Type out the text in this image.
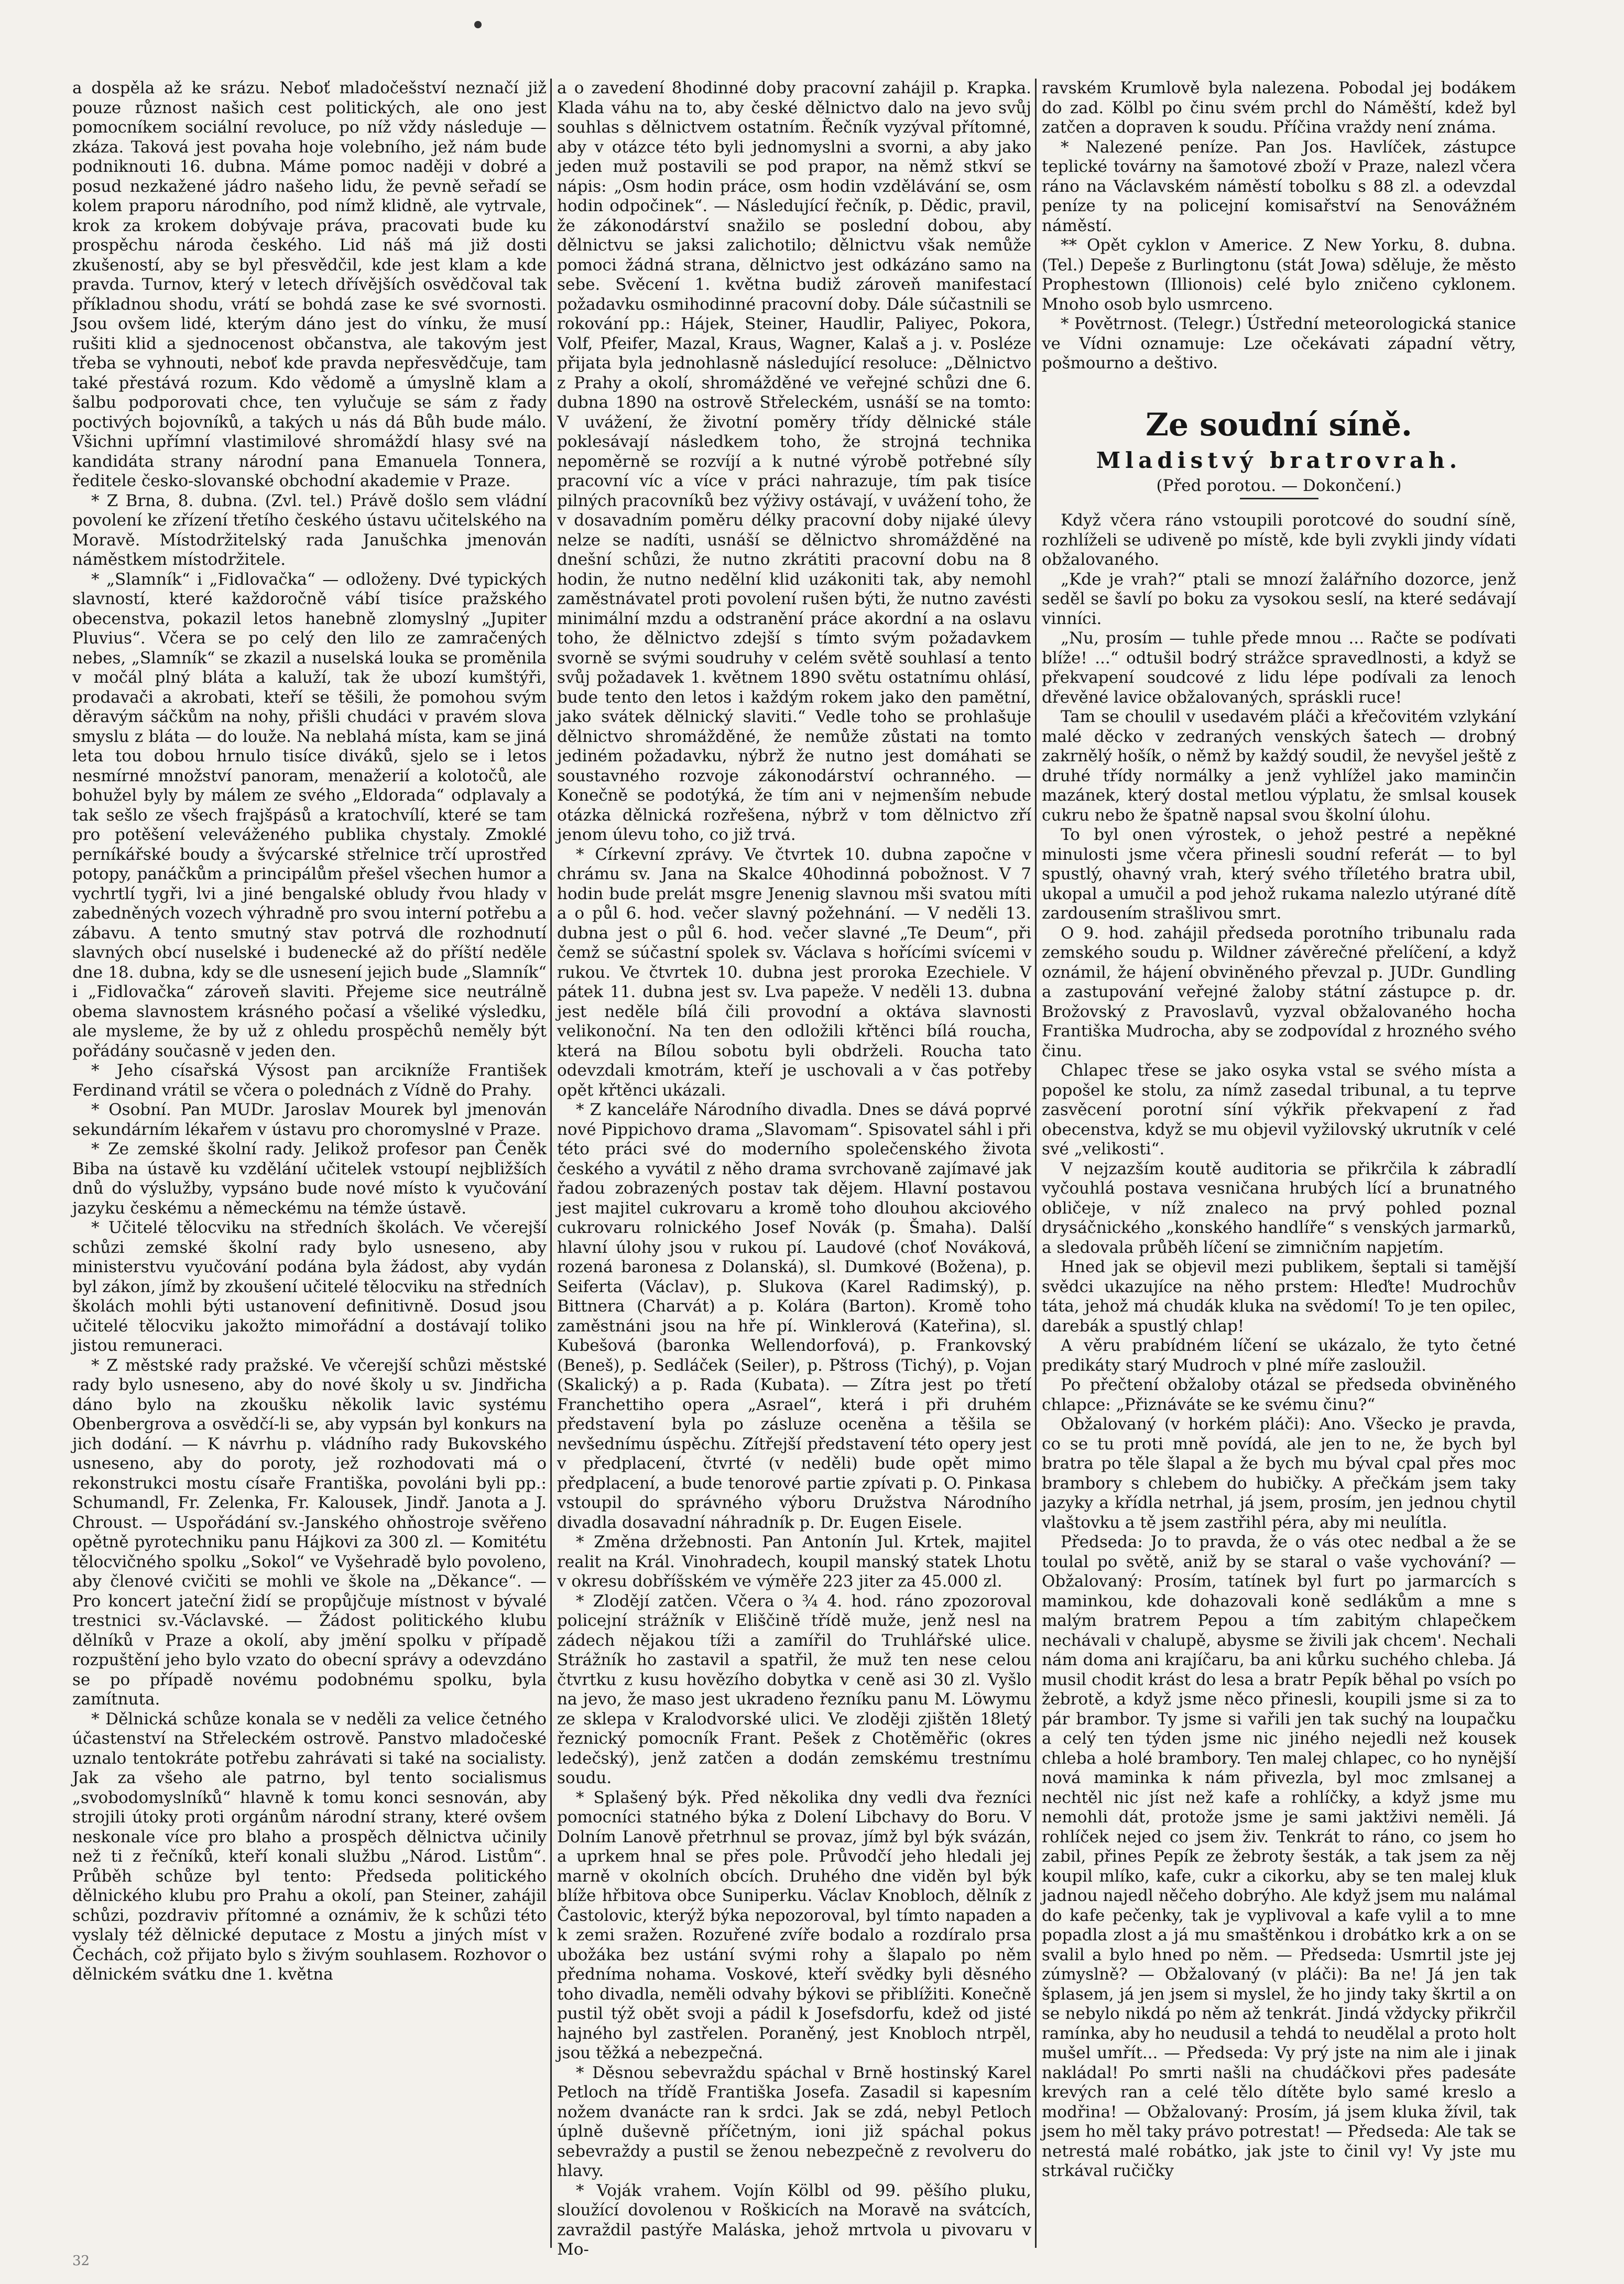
a dospěla až ke srázu. Neboť mladočešství neznačí již pouze různost našich cest politických, ale ono jest pomocníkem sociální revoluce, po níž vždy následuje — zkáza. Taková jest povaha hoje volebního, jež nám bude podniknouti 16. dubna. Máme pomoc naději v dobré a posud nezkažené jádro našeho lidu, že pevně seřadí se kolem praporu národního, pod nímž klidně, ale vytrvale, krok za krokem dobývaje práva, pracovati bude ku prospěchu národa českého. Lid náš má již dosti zkušeností, aby se byl přesvědčil, kde jest klam a kde pravda. Turnov, který v letech dřívějších osvědčoval tak příkladnou shodu, vrátí se bohdá zase ke své svornosti. Jsou ovšem lidé, kterým dáno jest do vínku, že musí rušiti klid a sjednocenost občanstva, ale takovým jest třeba se vyhnouti, neboť kde pravda nepřesvědčuje, tam také přestává rozum. Kdo vědomě a úmyslně klam a šalbu podporovati chce, ten vylučuje se sám z řady poctivých bojovníků, a takých u nás dá Bůh bude málo. Všichni upřímní vlastimilové shromáždí hlasy své na kandidáta strany národní pana Emanuela Tonnera, ředitele česko-slovanské obchodní akademie v Praze.

* Z Brna, 8. dubna. (Zvl. tel.) Právě došlo sem vládní povolení ke zřízení třetího českého ústavu učitelského na Moravě. Místodržitelský rada Janušchka jmenován náměstkem místodržitele.

* „Slamník“ i „Fidlovačka“ — odloženy. Dvé typických slavností, které každoročně vábí tisíce pražského obecenstva, pokazil letos hanebně zlomyslný „Jupiter Pluvius“. Včera se po celý den lilo ze zamračených nebes, „Slamník“ se zkazil a nuselská louka se proměnila v močál plný bláta a kaluží, tak že ubozí kumštýři, prodavači a akrobati, kteří se těšili, že pomohou svým děravým sáčkům na nohy, přišli chudáci v pravém slova smyslu z bláta — do louže. Na neblahá místa, kam se jiná leta tou dobou hrnulo tisíce diváků, sjelo se i letos nesmírné množství panoram, menažerií a kolotočů, ale bohužel byly by málem ze svého „Eldorada“ odplavaly a tak sešlo ze všech frajšpásů a kratochvílí, které se tam pro potěšení veleváženého publika chystaly. Zmoklé perníkářské boudy a švýcarské střelnice trčí uprostřed potopy, panáčkům a principálům přešel všechen humor a vychrtlí tygři, lvi a jiné bengalské obludy řvou hlady v zabedněných vozech výhradně pro svou interní potřebu a zábavu. A tento smutný stav potrvá dle rozhodnutí slavných obcí nuselské i budenecké až do příští neděle dne 18. dubna, kdy se dle usnesení jejich bude „Slamník“ i „Fidlovačka“ zároveň slaviti. Přejeme sice neutrálně obema slavnostem krásného počasí a všeliké výsledku, ale mysleme, že by už z ohledu prospěchů neměly být pořádány současně v jeden den.

* Jeho císařská Výsost pan arcikníže František Ferdinand vrátil se včera o polednách z Vídně do Prahy.

* Osobní. Pan MUDr. Jaroslav Mourek byl jmenován sekundárním lékařem v ústavu pro choromyslné v Praze.

* Ze zemské školní rady. Jelikož profesor pan Čeněk Biba na ústavě ku vzdělání učitelek vstoupí nejbližších dnů do výslužby, vypsáno bude nové místo k vyučování jazyku českému a německému na témže ústavě.

* Učitelé tělocviku na středních školách. Ve včerejší schůzi zemské školní rady bylo usneseno, aby ministerstvu vyučování podána byla žádost, aby vydán byl zákon, jímž by zkoušení učitelé tělocviku na středních školách mohli býti ustanovení definitivně. Dosud jsou učitelé tělocviku jakožto mimořádní a dostávají toliko jistou remuneraci.

* Z městské rady pražské. Ve včerejší schůzi městské rady bylo usneseno, aby do nové školy u sv. Jindřicha dáno bylo na zkoušku několik lavic systému Obenbergrova a osvědčí-li se, aby vypsán byl konkurs na jich dodání. — K návrhu p. vládního rady Bukovského usneseno, aby do poroty, jež rozhodovati má o rekonstrukci mostu císaře Františka, povoláni byli pp.: Schumandl, Fr. Zelenka, Fr. Kalousek, Jindř. Janota a J. Chroust. — Uspořádání sv.-Janského ohňostroje svěřeno opětně pyrotechniku panu Hájkovi za 300 zl. — Komitétu tělocvičného spolku „Sokol“ ve Vyšehradě bylo povoleno, aby členové cvičiti se mohli ve škole na „Děkance“. — Pro koncert jateční židí se propůjčuje místnost v bývalé trestnici sv.-Václavské. — Žádost politického klubu dělníků v Praze a okolí, aby jmění spolku v případě rozpuštění jeho bylo vzato do obecní správy a odevzdáno se po případě novému podobnému spolku, byla zamítnuta.

* Dělnická schůze konala se v neděli za velice četného účastenství na Střeleckém ostrově. Panstvo mladočeské uznalo tentokráte potřebu zahrávati si také na socialisty. Jak za všeho ale patrno, byl tento socialismus „svobodomyslníků“ hlavně k tomu konci sesnován, aby strojili útoky proti orgánům národní strany, které ovšem neskonale více pro blaho a prospěch dělnictva učinily než ti z řečníků, kteří konali službu „Národ. Listům“. Průběh schůze byl tento: Předseda politického dělnického klubu pro Prahu a okolí, pan Steiner, zahájil schůzi, pozdraviv přítomné a oznámiv, že k schůzi této vyslaly též dělnické deputace z Mostu a jiných míst v Čechách, což přijato bylo s živým souhlasem. Rozhovor o dělnickém svátku dne 1. května

a o zavedení 8hodinné doby pracovní zahájil p. Krapka. Klada váhu na to, aby české dělnictvo dalo na jevo svůj souhlas s dělnictvem ostatním. Řečník vyzýval přítomné, aby v otázce této byli jednomyslni a svorni, a aby jako jeden muž postavili se pod prapor, na němž stkví se nápis: „Osm hodin práce, osm hodin vzdělávání se, osm hodin odpočinek“. — Následující řečník, p. Dědic, pravil, že zákonodárství snažilo se poslední dobou, aby dělnictvu se jaksi zalichotilo; dělnictvu však nemůže pomoci žádná strana, dělnictvo jest odkázáno samo na sebe. Svěcení 1. května budiž zároveň manifestací požadavku osmihodinné pracovní doby. Dále súčastnili se rokování pp.: Hájek, Steiner, Haudlir, Paliyec, Pokora, Volf, Pfeifer, Mazal, Kraus, Wagner, Kalaš a j. v. Posléze přijata byla jednohlasně následující resoluce: „Dělnictvo z Prahy a okolí, shromážděné ve veřejné schůzi dne 6. dubna 1890 na ostrově Střeleckém, usnáší se na tomto: V uvážení, že životní poměry třídy dělnické stále poklesávají následkem toho, že strojná technika nepoměrně se rozvíjí a k nutné výrobě potřebné síly pracovní víc a více v práci nahrazuje, tím pak tisíce pilných pracovníků bez výživy ostávají, v uvážení toho, že v dosavadním poměru délky pracovní doby nijaké úlevy nelze se nadíti, usnáší se dělnictvo shromážděné na dnešní schůzi, že nutno zkrátiti pracovní dobu na 8 hodin, že nutno nedělní klid uzákoniti tak, aby nemohl zaměstnávatel proti povolení rušen býti, že nutno zavésti minimální mzdu a odstranění práce akordní a na oslavu toho, že dělnictvo zdejší s tímto svým požadavkem svorně se svými soudruhy v celém světě souhlasí a tento svůj požadavek 1. květnem 1890 světu ostatnímu ohlásí, bude tento den letos i každým rokem jako den pamětní, jako svátek dělnický slaviti.“ Vedle toho se prohlašuje dělnictvo shromážděné, že nemůže zůstati na tomto jediném požadavku, nýbrž že nutno jest domáhati se soustavného rozvoje zákonodárství ochranného. — Konečně se podotýká, že tím ani v nejmenším nebude otázka dělnická rozřešena, nýbrž v tom dělnictvo zří jenom úlevu toho, co již trvá.

* Církevní zprávy. Ve čtvrtek 10. dubna započne v chrámu sv. Jana na Skalce 40hodinná pobožnost. V 7 hodin bude prelát msgre Jenenig slavnou mši svatou míti a o půl 6. hod. večer slavný požehnání. — V neděli 13. dubna jest o půl 6. hod. večer slavné „Te Deum“, při čemž se súčastní spolek sv. Václava s hořícími svícemi v rukou. Ve čtvrtek 10. dubna jest proroka Ezechiele. V pátek 11. dubna jest sv. Lva papeže. V neděli 13. dubna jest neděle bílá čili provodní a oktáva slavnosti velikonoční. Na ten den odložili křtěnci bílá roucha, která na Bílou sobotu byli obdrželi. Roucha tato odevzdali kmotrám, kteří je uschovali a v čas potřeby opět křtěnci ukázali.

* Z kanceláře Národního divadla. Dnes se dává poprvé nové Pippichovo drama „Slavomam“. Spisovatel sáhl i při této práci své do moderního společenského života českého a vyvátil z něho drama svrchovaně zajímavé jak řadou zobrazených postav tak dějem. Hlavní postavou jest majitel cukrovaru a kromě toho dlouhou akciového cukrovaru rolnického Josef Novák (p. Šmaha). Další hlavní úlohy jsou v rukou pí. Laudové (choť Nováková, rozená baronesa z Dolanská), sl. Dumkové (Božena), p. Seiferta (Václav), p. Slukova (Karel Radimský), p. Bittnera (Charvát) a p. Kolára (Barton). Kromě toho zaměstnáni jsou na hře pí. Winklerová (Kateřina), sl. Kubešová (baronka Wellendorfová), p. Frankovský (Beneš), p. Sedláček (Seiler), p. Pštross (Tichý), p. Vojan (Skalický) a p. Rada (Kubata). — Zítra jest po třetí Franchettiho opera „Asrael“, která i při druhém představení byla po zásluze oceněna a těšila se nevšednímu úspěchu. Zítřejší představení této opery jest v předplacení, čtvrté (v neděli) bude opět mimo předplacení, a bude tenorové partie zpívati p. O. Pinkasa vstoupil do správného výboru Družstva Národního divadla dosavadní náhradník p. Dr. Eugen Eisele.

* Změna držebnosti. Pan Antonín Jul. Krtek, majitel realit na Král. Vinohradech, koupil manský statek Lhotu v okresu dobříšském ve výměře 223 jiter za 45.000 zl.

* Zlodějí zatčen. Včera o ¾ 4. hod. ráno zpozoroval policejní strážník v Eliščině třídě muže, jenž nesl na zádech nějakou tíži a zamířil do Truhlářské ulice. Strážník ho zastavil a spatřil, že muž ten nese celou čtvrtku z kusu hovězího dobytka v ceně asi 30 zl. Vyšlo na jevo, že maso jest ukradeno řezníku panu M. Löwymu ze sklepa v Kralodvorské ulici. Ve zloději zjištěn 18letý řeznický pomocník Frant. Pešek z Chotěměřic (okres ledečský), jenž zatčen a dodán zemskému trestnímu soudu.

* Splašený býk. Před několika dny vedli dva řezníci pomocníci statného býka z Dolení Libchavy do Boru. V Dolním Lanově přetrhnul se provaz, jímž byl býk svázán, a uprkem hnal se přes pole. Průvodčí jeho hledali jej marně v okolních obcích. Druhého dne viděn byl býk blíže hřbitova obce Suniperku. Václav Knobloch, dělník z Častolovic, kterýž býka nepozoroval, byl tímto napaden a k zemi sražen. Rozuřené zvíře bodalo a rozdíralo prsa ubožáka bez ustání svými rohy a šlapalo po něm předníma nohama. Voskové, kteří svědky byli děsného toho divadla, neměli odvahy býkovi se přiblížiti. Konečně pustil týž obět svoji a pádil k Josefsdorfu, kdež od jisté hajného byl zastřelen. Poraněný, jest Knobloch ntrpěl, jsou těžká a nebezpečná.

* Děsnou sebevraždu spáchal v Brně hostinský Karel Petloch na třídě Františka Josefa. Zasadil si kapesním nožem dvanácte ran k srdci. Jak se zdá, nebyl Petloch úplně duševně příčetným, ioni již spáchal pokus sebevraždy a pustil se ženou nebezpečně z revolveru do hlavy.

* Voják vrahem. Vojín Kölbl od 99. pěšího pluku, sloužící dovolenou v Roškicích na Moravě na svátcích, zavraždil pastýře Maláska, jehož mrtvola u pivovaru v Mo-

ravském Krumlově byla nalezena. Pobodal jej bodákem do zad. Kölbl po činu svém prchl do Náměští, kdež byl zatčen a dopraven k soudu. Příčina vraždy není známa.

* Nalezené peníze. Pan Jos. Havlíček, zástupce teplické továrny na šamotové zboží v Praze, nalezl včera ráno na Václavském náměstí tobolku s 88 zl. a odevzdal peníze ty na policejní komisařství na Senovážném náměstí.

** Opět cyklon v Americe. Z New Yorku, 8. dubna. (Tel.) Depeše z Burlingtonu (stát Jowa) sděluje, že město Prophestown (Illionois) celé bylo zničeno cyklonem. Mnoho osob bylo usmrceno.

* Povětrnost. (Telegr.) Ústřední meteorologická stanice ve Vídni oznamuje: Lze očekávati západní větry, pošmourno a deštivo.

Ze soudní síně.
Mladistvý bratrovrah.

(Před porotou. — Dokončení.)

Když včera ráno vstoupili porotcové do soudní síně, rozhlíželi se udiveně po místě, kde byli zvykli jindy vídati obžalovaného.

„Kde je vrah?“ ptali se mnozí žalářního dozorce, jenž seděl se šavlí po boku za vysokou seslí, na které sedávají vinníci.

„Nu, prosím — tuhle přede mnou ... Račte se podívati blíže! ...“ odtušil bodrý strážce spravedlnosti, a když se překvapení soudcové z lidu lépe podívali za lenoch dřevěné lavice obžalovaných, spráskli ruce!

Tam se choulil v usedavém pláči a křečovitém vzlykání malé děcko v zedraných venských šatech — drobný zakrnělý hošík, o němž by každý soudil, že nevyšel ještě z druhé třídy normálky a jenž vyhlížel jako maminčin mazánek, který dostal metlou výplatu, že smlsal kousek cukru nebo že špatně napsal svou školní úlohu.

To byl onen výrostek, o jehož pestré a nepěkné minulosti jsme včera přinesli soudní referát — to byl spustlý, ohavný vrah, který svého tříletého bratra ubil, ukopal a umučil a pod jehož rukama nalezlo utýrané dítě zardousením strašlivou smrt.

O 9. hod. zahájil předseda porotního tribunalu rada zemského soudu p. Wildner závěrečné přelíčení, a když oznámil, že hájení obviněného převzal p. JUDr. Gundling a zastupování veřejné žaloby státní zástupce p. dr. Brožovský z Pravoslavů, vyzval obžalovaného hocha Františka Mudrocha, aby se zodpovídal z hrozného svého činu.

Chlapec třese se jako osyka vstal se svého místa a popošel ke stolu, za nímž zasedal tribunal, a tu teprve zasvěcení porotní síní výkřik překvapení z řad obecenstva, když se mu objevil vyžilovský ukrutník v celé své „velikosti“.

V nejzazším koutě auditoria se přikrčila k zábradlí vyčouhlá postava vesničana hrubých lící a brunatného obličeje, v níž znaleco na prvý pohled poznal drysáčnického „konského handlíře“ s venských jarmarků, a sledovala průběh líčení se zimničním napjetím.

Hned jak se objevil mezi publikem, šeptali si tamější svědci ukazujíce na něho prstem: Hleďte! Mudrochův táta, jehož má chudák kluka na svědomí! To je ten opilec, darebák a spustlý chlap!

A věru prabídném líčení se ukázalo, že tyto četné predikáty starý Mudroch v plné míře zasloužil.

Po přečtení obžaloby otázal se předseda obviněného chlapce: „Přiznáváte se ke svému činu?“

Obžalovaný (v horkém pláči): Ano. Všecko je pravda, co se tu proti mně povídá, ale jen to ne, že bych byl bratra po těle šlapal a že bych mu býval cpal přes moc brambory s chlebem do hubičky. A přečkám jsem taky jazyky a křídla netrhal, já jsem, prosím, jen jednou chytil vlaštovku a tě jsem zastřihl péra, aby mi neulítla.

Předseda: Jo to pravda, že o vás otec nedbal a že se toulal po světě, aniž by se staral o vaše vychování? — Obžalovaný: Prosím, tatínek byl furt po jarmarcích s maminkou, kde dohazovali koně sedlákům a mne s malým bratrem Pepou a tím zabitým chlapečkem nechávali v chalupě, abysme se živili jak chcem'. Nechali nám doma ani krajíčaru, ba ani kůrku suchého chleba. Já musil chodit krást do lesa a bratr Pepík běhal po vsích po žebrotě, a když jsme něco přinesli, koupili jsme si za to pár brambor. Ty jsme si vařili jen tak suchý na loupačku a celý ten týden jsme nic jiného nejedli než kousek chleba a holé brambory. Ten malej chlapec, co ho nynější nová maminka k nám přivezla, byl moc zmlsanej a nechtěl nic jíst než kafe a rohlíčky, a když jsme mu nemohli dát, protože jsme je sami jaktživi neměli. Já rohlíček nejed co jsem živ. Tenkrát to ráno, co jsem ho zabil, přines Pepík ze žebroty šesták, a tak jsem za něj koupil mlíko, kafe, cukr a cikorku, aby se ten malej kluk jadnou najedl něčeho dobrýho. Ale když jsem mu nalámal do kafe pečenky, tak je vyplivoval a kafe vylil a to mne popadla zlost a já mu smaštěnkou i drobátko krk a on se svalil a bylo hned po něm. — Předseda: Usmrtil jste jej zúmyslně? — Obžalovaný (v pláči): Ba ne! Já jen tak šplasem, já jen jsem si myslel, že ho jindy taky škrtil a on se nebylo nikdá po něm až tenkrát. Jindá vždycky přikrčil ramínka, aby ho neudusil a tehdá to neudělal a proto holt mušel umřít... — Předseda: Vy prý jste na nim ale i jinak nakládal! Po smrti našli na chudáčkovi přes padesáte krevých ran a celé tělo dítěte bylo samé kreslo a modřina! — Obžalovaný: Prosím, já jsem kluka žívil, tak jsem ho měl taky právo potrestat! — Předseda: Ale tak se netrestá malé robátko, jak jste to činil vy! Vy jste mu strkával ručičky

32
